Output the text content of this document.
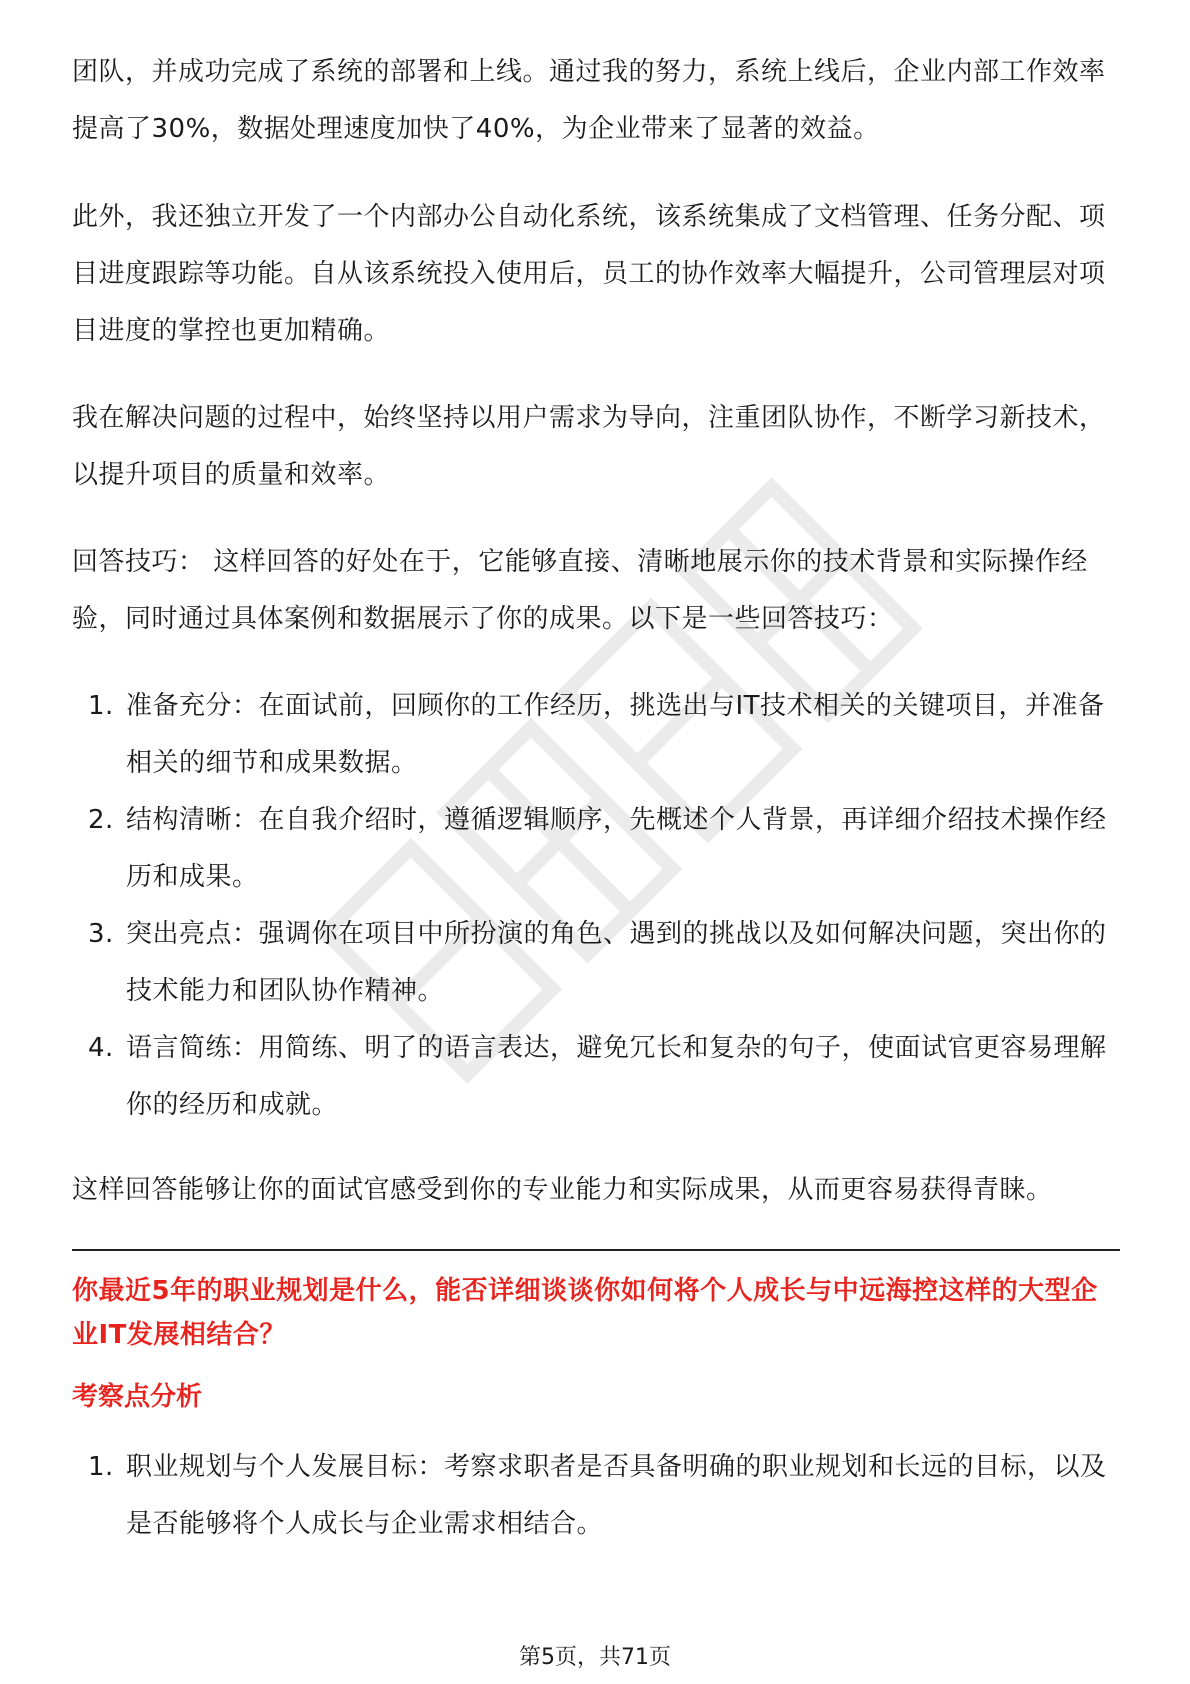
团队，并成功完成了系统的部署和上线。通过我的努力，系统上线后，企业内部工作效率提高了30%，数据处理速度加快了40%，为企业带来了显著的效益。

此外，我还独立开发了一个内部办公自动化系统，该系统集成了文档管理、任务分配、项目进度跟踪等功能。自从该系统投入使用后，员工的协作效率大幅提升，公司管理层对项目进度的掌控也更加精确。

我在解决问题的过程中，始终坚持以用户需求为导向，注重团队协作，不断学习新技术，以提升项目的质量和效率。

回答技巧： 这样回答的好处在于，它能够直接、清晰地展示你的技术背景和实际操作经验，同时通过具体案例和数据展示了你的成果。以下是一些回答技巧：

1. 准备充分：在面试前，回顾你的工作经历，挑选出与IT技术相关的关键项目，并准备相关的细节和成果数据。
2. 结构清晰：在自我介绍时，遵循逻辑顺序，先概述个人背景，再详细介绍技术操作经历和成果。
3. 突出亮点：强调你在项目中所扮演的角色、遇到的挑战以及如何解决问题，突出你的技术能力和团队协作精神。
4. 语言简练：用简练、明了的语言表达，避免冗长和复杂的句子，使面试官更容易理解你的经历和成就。

这样回答能够让你的面试官感受到你的专业能力和实际成果，从而更容易获得青睐。

你最近5年的职业规划是什么，能否详细谈谈你如何将个人成长与中远海控这样的大型企业IT发展相结合？
考察点分析
1. 职业规划与个人发展目标：考察求职者是否具备明确的职业规划和长远的目标，以及是否能够将个人成长与企业需求相结合。
第5页，共71页
